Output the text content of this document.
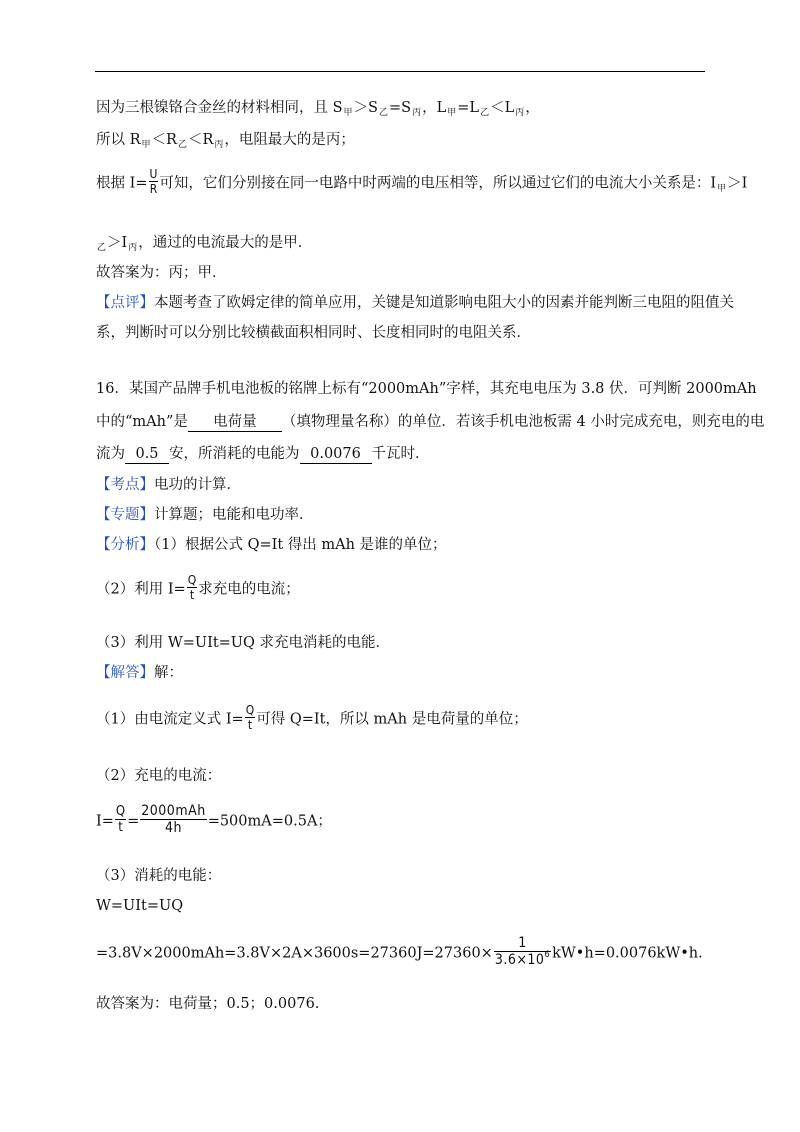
因为三根镍铬合金丝的材料相同，且 $S_甲>S_乙=S_丙$，$L_甲=L_乙<L_丙$，
所以 $R_甲<R_乙<R_丙$，电阻最大的是丙；
根据 $I= \frac{U}{R}$ 可知，它们分别接在同一电路中时两端的电压相等，所以通过它们的电流大小关系是：$I_甲>I$
$_乙>I_丙$，通过的电流最大的是甲．
故答案为：丙；甲．
【点评】本题考查了欧姆定律的简单应用，关键是知道影响电阻大小的因素并能判断三电阻的阻值关
系，判断时可以分别比较横截面积相同时、长度相同时的电阻关系．
16．某国产品牌手机电池板的铭牌上标有“2000mAh”字样，其充电电压为 3.8 伏．可判断 2000mAh
中的“mAh”是 电荷量 （填物理量名称）的单位．若该手机电池板需 4 小时完成充电，则充电的电
流为 0.5 安，所消耗的电能为 0.0076 千瓦时．
【考点】电功的计算．
【专题】计算题；电能和电功率．
【分析】（1）根据公式 Q=It 得出 mAh 是谁的单位；
（2）利用 $I= \frac{Q}{t}$ 求充电的电流；
（3）利用 W=UIt=UQ 求充电消耗的电能．
【解答】解：
（1）由电流定义式 $I= \frac{Q}{t}$ 可得 Q=It，所以 mAh 是电荷量的单位；
（2）充电的电流：
$I= \frac{Q}{t} = \frac{\text{2000mAh}}{4h} =500mA=0.5A$；
（3）消耗的电能：
W=UIt=UQ
$=3.8V\times 2000mAh=3.8V\times 2A\times 3600s=27360J=27360\times \frac{1}{3.6\times 10^6}$ kW•h=0.0076kW•h.
故答案为：电荷量；0.5；0.0076.
